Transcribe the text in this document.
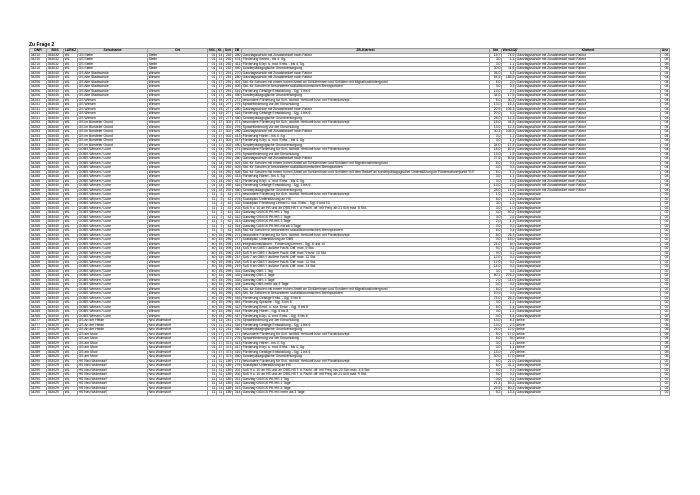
Zu Frage 2
DNR	BGS	LARKZ	Schulname	Ort	SGL	KL	Sch	ZB	ZB-Klartext	Std	Wert2427	Klartext	Anz
34210	353032	WL	GS Stelle	Stelle	01	14	252	280	Ganztagsschule mit Zusatzbedarf nach Faktor	15,7	74,9	Ganztagsschule mit Zusatzbedarf nach Faktor	05
34210	353032	WL	GS Stelle	Stelle	01	14	252	474	Förderung Sehen - bis 4. Sg.	3,0	1,1	Ganztagsschule mit Zusatzbedarf nach Faktor	05
34210	353032	WL	GS Stelle	Stelle	01	14	252	411	Förderung Körp. u. mot. Entw. - bis 4. Sg.	3,0	1,1	Ganztagsschule mit Zusatzbedarf nach Faktor	05
34210	353032	WL	GS Stelle	Stelle	01	14	252	450	Sonderpädagogische Grundversorgung	30,0	11,6	Ganztagsschule mit Zusatzbedarf nach Faktor	05
34206	353040	WL	GS Alte Stadtschule	Winsen	01	17	251	270	Ganztagsschule mit Zusatzbedarf nach Faktor	36,0	4,3	Ganztagsschule mit Zusatzbedarf nach Faktor	04
34206	353040	WL	GS Alte Stadtschule	Winsen	01	17	251	280	Ganztagsschule mit Zusatzbedarf nach Faktor	54,6	186,9	Ganztagsschule mit Zusatzbedarf nach Faktor	04
34206	353040	WL	GS Alte Stadtschule	Winsen	01	17	251	401	Std. für Schulen mit einem hohen Anteil an Schülerinnen und Schülern mit Migrationshintergrund	6,0	2,0	Ganztagsschule mit Zusatzbedarf nach Faktor	04
34206	353040	WL	GS Alte Stadtschule	Winsen	01	17	251	403	Std. für Schulen in besonderen sozialökonomischen Brennpunkten	3,0	0,3	Ganztagsschule mit Zusatzbedarf nach Faktor	04
34206	353040	WL	GS Alte Stadtschule	Winsen	01	17	251	416	Förderung Geistige Entwicklung - Sgj. 1 bis 6	13,0	2,3	Ganztagsschule mit Zusatzbedarf nach Faktor	04
34206	353040	WL	GS Alte Stadtschule	Winsen	01	17	251	450	Sonderpädagogische Grundversorgung	34,0	17,5	Ganztagsschule mit Zusatzbedarf nach Faktor	04
34241	353040	WL	GS Winsen	Winsen	01	15	277	271	besondere Förderung für Sch. nichtdt. Herkunft bzw. mit Förderkonzept	6,0	30,3	Ganztagsschule mit Zusatzbedarf nach Faktor	04
34241	353040	WL	GS Winsen	Winsen	01	15	277	276	Sprachförderung vor der Einschulung	13,0	16,3	Ganztagsschule mit Zusatzbedarf nach Faktor	04
34241	353040	WL	GS Winsen	Winsen	01	15	277	280	Ganztagsschule mit Zusatzbedarf nach Faktor	20,9	106,3	Ganztagsschule mit Zusatzbedarf nach Faktor	04
34241	353040	WL	GS Winsen	Winsen	01	15	277	416	Förderung Geistige Entwicklung - Sgj. 1 bis 6	20,0	4,3	Ganztagsschule mit Zusatzbedarf nach Faktor	04
34241	353040	WL	GS Winsen	Winsen	01	15	277	450	Sonderpädagogische Grundversorgung	28,0	14,3	Ganztagsschule mit Zusatzbedarf nach Faktor	04
34253	353040	WL	GS im Borsteler Grund	Winsen	01	17	302	271	besondere Förderung für Sch. nichtdt. Herkunft bzw. mit Förderkonzept	15,0	41,5	Ganztagsschule mit Zusatzbedarf nach Faktor	04
34253	353040	WL	GS im Borsteler Grund	Winsen	01	17	302	276	Sprachförderung vor der Einschulung	13,0	12,3	Ganztagsschule mit Zusatzbedarf nach Faktor	04
34253	353040	WL	GS im Borsteler Grund	Winsen	01	17	302	280	Ganztagsschule mit Zusatzbedarf nach Faktor	30,2	106,3	Ganztagsschule mit Zusatzbedarf nach Faktor	04
34253	353040	WL	GS im Borsteler Grund	Winsen	01	17	302	413	Förderung Hören - bis 4. Sg.	3,0	1,1	Ganztagsschule mit Zusatzbedarf nach Faktor	04
34253	353040	WL	GS im Borsteler Grund	Winsen	01	17	302	417	Förderung Körp. u. mot. Entw. - bis 4. Sg.	3,0	1,1	Ganztagsschule mit Zusatzbedarf nach Faktor	04
34253	353040	WL	GS im Borsteler Grund	Winsen	01	17	302	450	Sonderpädagogische Grundversorgung	34,0	17,5	Ganztagsschule mit Zusatzbedarf nach Faktor	04
34265	353040	WL	OOBS Winsen / Luhe	Winsen	01	14	292	271	besondere Förderung für Sch. nichtdt. Herkunft bzw. mit Förderkonzept	18,0	82,5	Ganztagsschule mit Zusatzbedarf nach Faktor	04
34265	353040	WL	OOBS Winsen / Luhe	Winsen	01	14	292	276	Sprachförderung vor der Einschulung	13,0	1,5	Ganztagsschule mit Zusatzbedarf nach Faktor	04
34265	353040	WL	OOBS Winsen / Luhe	Winsen	01	14	292	280	Ganztagsschule mit Zusatzbedarf nach Faktor	27,6	60,6	Ganztagsschule mit Zusatzbedarf nach Faktor	04
34265	353040	WL	OOBS Winsen / Luhe	Winsen	01	14	292	401	Std. für Schulen mit einem hohen Anteil an Schülerinnen und Schülern mit Migrationshintergrund	6,0	0,3	Ganztagsschule mit Zusatzbedarf nach Faktor	04
34265	353040	WL	OOBS Winsen / Luhe	Winsen	01	14	292	403	Std. für Schulen in besonderen sozialökonomischen Brennpunkten	4,0	0,3	Ganztagsschule mit Zusatzbedarf nach Faktor	04
34265	353040	WL	OOBS Winsen / Luhe	Winsen	01	14	292	405	Std. für Schulen mit einem hohen Anteil an Schülerinnen und Schülern mit dem Bedarf an sonderpädagogischer Unterstützung im Förderschwerpunkt "ES"	6,0	1,3	Ganztagsschule mit Zusatzbedarf nach Faktor	04
34265	353040	WL	OOBS Winsen / Luhe	Winsen	01	14	292	413	Förderung Hören - bis 4. Sg.	3,0	1,1	Ganztagsschule mit Zusatzbedarf nach Faktor	04
34265	353040	WL	OOBS Winsen / Luhe	Winsen	01	14	292	417	Förderung Körp. u. mot. Entw. - bis 4. Sg.	3,0	1,3	Ganztagsschule mit Zusatzbedarf nach Faktor	04
34265	353040	WL	OOBS Winsen / Luhe	Winsen	01	14	292	416	Förderung Geistige Entwicklung - Sgj. 1 bis 6	13,0	2,0	Ganztagsschule mit Zusatzbedarf nach Faktor	04
34265	353040	WL	OOBS Winsen / Luhe	Winsen	01	14	292	450	Sonderpädagogische Grundversorgung	28,0	14,5	Ganztagsschule mit Zusatzbedarf nach Faktor	04
34265	353040	WL	OOBS Winsen / Luhe	Winsen	11	2	42	271	besondere Förderung für Sch. nichtdt. Herkunft bzw. mit Förderkonzept	1,0	1,3	Ganztagsschule	02
34265	353040	WL	OOBS Winsen / Luhe	Winsen	11	2	42	275	Sozialpäd. Unterstützung an HS	6,0	2,0	Ganztagsschule	02
34265	353040	WL	OOBS Winsen / Luhe	Winsen	11	2	42	332	Sozialpäd. Förderung Lernen u. soz. Entw. - Sgj. 9 und 10	3,0	1,3	Ganztagsschule	02
34265	353040	WL	OOBS Winsen / Luhe	Winsen	11	2	42	202	SuS 9 u. 10 an HS und an OBS-HS f. d. Fachl. off. mit Freq. ab 21 Sch max. 8 Std.	3,0	1,0	Ganztagsschule	02
34265	353040	WL	OOBS Winsen / Luhe	Winsen	11	2	42	311	Ganztag GS/IGS Pfl./HS 1 Tag	4,0	40,2	Ganztagsschule	02
34265	353040	WL	OOBS Winsen / Luhe	Winsen	11	2	42	312	Ganztag GS/IGS Pfl./HS 2 Tage	3,0	2,6	Ganztagsschule	02
34265	353040	WL	OOBS Winsen / Luhe	Winsen	11	2	42	313	Ganztag GS/IGS Pfl./HS 3 Tage	2,0	1,3	Ganztagsschule	02
34265	353040	WL	OOBS Winsen / Luhe	Winsen	11	2	42	314	Ganztag GS/IGS Pfl./HS mit ab 3 Tage	0,0	0,2	Ganztagsschule	02
34265	353040	WL	OOBS Winsen / Luhe	Winsen	11	2	42	403	Std. für Schulen in besonderen sozialökonomischen Brennpunkten	6,0	0,4	Ganztagsschule	02
34265	353040	WL	OOBS Winsen / Luhe	Winsen	40	15	295	271	besondere Förderung für Sch. nichtdt. Herkunft bzw. mit Förderkonzept	8,0	26,3	Ganztagsschule	02
34265	353040	WL	OOBS Winsen / Luhe	Winsen	40	15	295	277	Sozialpäd. Unterstützung an OBS	0,0	15,0	Ganztagsschule	02
34265	353040	WL	OOBS Winsen / Luhe	Winsen	40	15	295	143	Integrationsklassen - Förderung Lernen - Sgj. 8 und 10	24,0	8,0	Ganztagsschule	02
34265	353040	WL	OOBS Winsen / Luhe	Winsen	40	15	295	214	SuS 9 an OBS f. äußere Fachl. Diff. max. 9 Std.	9,0	0,2	Ganztagsschule	02
34265	353040	WL	OOBS Winsen / Luhe	Winsen	40	15	295	215	SuS 9 an OBS f. äußere Fachl. Diff. max. 9 bzw. 10 Std.	9,0	0,2	Ganztagsschule	02
34265	353040	WL	OOBS Winsen / Luhe	Winsen	40	15	295	217	SuS 7 an OBS f. äußere Fachl. Diff. max. 12 Std.	12,0	0,2	Ganztagsschule	02
34265	353040	WL	OOBS Winsen / Luhe	Winsen	40	15	295	218	SuS 8 an OBS f. äußere Fachl. Diff. max. 12 Std.	12,0	0,2	Ganztagsschule	02
34265	353040	WL	OOBS Winsen / Luhe	Winsen	40	15	295	219	SuS 9 an OBS f. äußere Fachl. Diff. max. 14 Std.	14,0	0,2	Ganztagsschule	02
34265	353040	WL	OOBS Winsen / Luhe	Winsen	40	15	295	331	Ganztag OBS 1 Tag	3,0	0,2	Ganztagsschule	02
34265	353040	WL	OOBS Winsen / Luhe	Winsen	40	15	295	332	Ganztag OBS 2 Tage	50,1	275,2	Ganztagsschule	02
34265	353040	WL	OOBS Winsen / Luhe	Winsen	40	15	295	333	Ganztag OBS 3 Tage	2,0	11,0	Ganztagsschule	02
34265	353040	WL	OOBS Winsen / Luhe	Winsen	40	15	295	334	Ganztag OBS mehr als 3 Tage	0,0	0,2	Ganztagsschule	02
34265	353040	WL	OOBS Winsen / Luhe	Winsen	40	15	295	401	Std. für Schulen mit einem hohen Anteil an Schülerinnen und Schülern mit Migrationshintergrund	6,0	0,2	Ganztagsschule	02
34265	353040	WL	OOBS Winsen / Luhe	Winsen	40	15	295	403	Std. für Schulen in besonderen sozialökonomischen Brennpunkten	10,0	0,3	Ganztagsschule	02
34265	353040	WL	OOBS Winsen / Luhe	Winsen	40	15	295	416	Förderung Geistige Entw. - Sgj. 5 bis 8	75,0	25,2	Ganztagsschule	02
34265	353040	WL	OOBS Winsen / Luhe	Winsen	40	15	295	461	Förderung Sprache - Sgj. 5 bis 8	3,0	1,2	Ganztagsschule	02
34265	353040	WL	OOBS Winsen / Luhe	Winsen	40	15	295	412	Förderung Emot. u. soz. Entw. - Sgj. 5 bis 8	6,0	1,4	Ganztagsschule	02
34265	353040	WL	OOBS Winsen / Luhe	Winsen	40	15	295	414	Förderung Hören - Sgj. 5 bis 8	3,0	1,2	Ganztagsschule	02
34265	353040	WL	OOBS Winsen / Luhe	Winsen	40	15	295	417	Förderung Körp. u. mot. Entw. - Sgj. 5 bis 8	4,0	1,4	Ganztagsschule	02
34277	353029	WL	GS An der Heide	Neu Wulmstorf	01	12	241	276	Sprachförderung vor der Einschulung	13,0	5,1	keine	05
34277	353029	WL	GS An der Heide	Neu Wulmstorf	01	12	241	416	Förderung Geistige Entwicklung - Sgj. 1 bis 6	13,0	2,3	keine	05
34277	353029	WL	GS An der Heide	Neu Wulmstorf	01	12	241	450	Sonderpädagogische Grundversorgung	24,0	12,0	keine	05
34289	353029	WL	GS am Moor	Neu Wulmstorf	01	17	373	271	besondere Förderung für Sch. nichtdt. Herkunft bzw. mit Förderkonzept	5,0	17,0	keine	05
34289	353029	WL	GS am Moor	Neu Wulmstorf	01	17	373	276	Sprachförderung vor der Einschulung	6,0	8,0	keine	05
34289	353029	WL	GS am Moor	Neu Wulmstorf	01	17	373	413	Förderung Hören - bis 4. Sg.	3,0	1,1	keine	05
34289	353029	WL	GS am Moor	Neu Wulmstorf	01	17	373	417	Förderung Körp. u. mot. Entw. - bis 4. Sg.	3,0	1,1	keine	05
34289	353029	WL	GS am Moor	Neu Wulmstorf	01	17	373	416	Förderung Geistige Entwicklung - Sgj. 1 bis 6	13,0	2,0	keine	05
34289	353029	WL	GS am Moor	Neu Wulmstorf	01	17	373	450	Sonderpädagogische Grundversorgung	40,0	17,0	keine	05
34290	353029	WL	HS Neu Wulmstorf	Neu Wulmstorf	11	11	189	271	besondere Förderung für Sch. nichtdt. Herkunft bzw. mit Förderkonzept	5,0	21,0	Ganztagsschule	02
34290	353029	WL	HS Neu Wulmstorf	Neu Wulmstorf	11	11	189	275	Sozialpäd. Unterstützung an HS	6,0	31,2	Ganztagsschule	02
34290	353029	WL	HS Neu Wulmstorf	Neu Wulmstorf	11	11	189	201	SuS 9 u. 10 an HS und an OBS-HS f. d. Fachl. off. mit Freq. bis 20 Sch max. 4,5 Std.	4,0	0,2	Ganztagsschule	02
34290	353029	WL	HS Neu Wulmstorf	Neu Wulmstorf	11	11	189	202	SuS 9 u. 10 an HS und an OBS-HS f. d. Fachl. off. mit Freq. ab 21 Sch max. 9 Std.	9,0	0,2	Ganztagsschule	02
34290	353029	WL	HS Neu Wulmstorf	Neu Wulmstorf	11	11	189	311	Ganztag GS/IGS Pfl./HS 1 Tag	0,0	0,2	Ganztagsschule	02
34290	353029	WL	HS Neu Wulmstorf	Neu Wulmstorf	11	11	189	312	Ganztag GS/IGS Pfl./HS 2 Tage	21,4	83,3	Ganztagsschule	02
34290	353029	WL	HS Neu Wulmstorf	Neu Wulmstorf	11	11	189	313	Ganztag GS/IGS Pfl./HS 3 Tage	25,5	60,2	Ganztagsschule	02
34290	353029	WL	HS Neu Wulmstorf	Neu Wulmstorf	11	11	189	314	Ganztag GS/IGS Pfl./HS mehr als 3 Tage	5,2	13,3	Ganztagsschule	02
